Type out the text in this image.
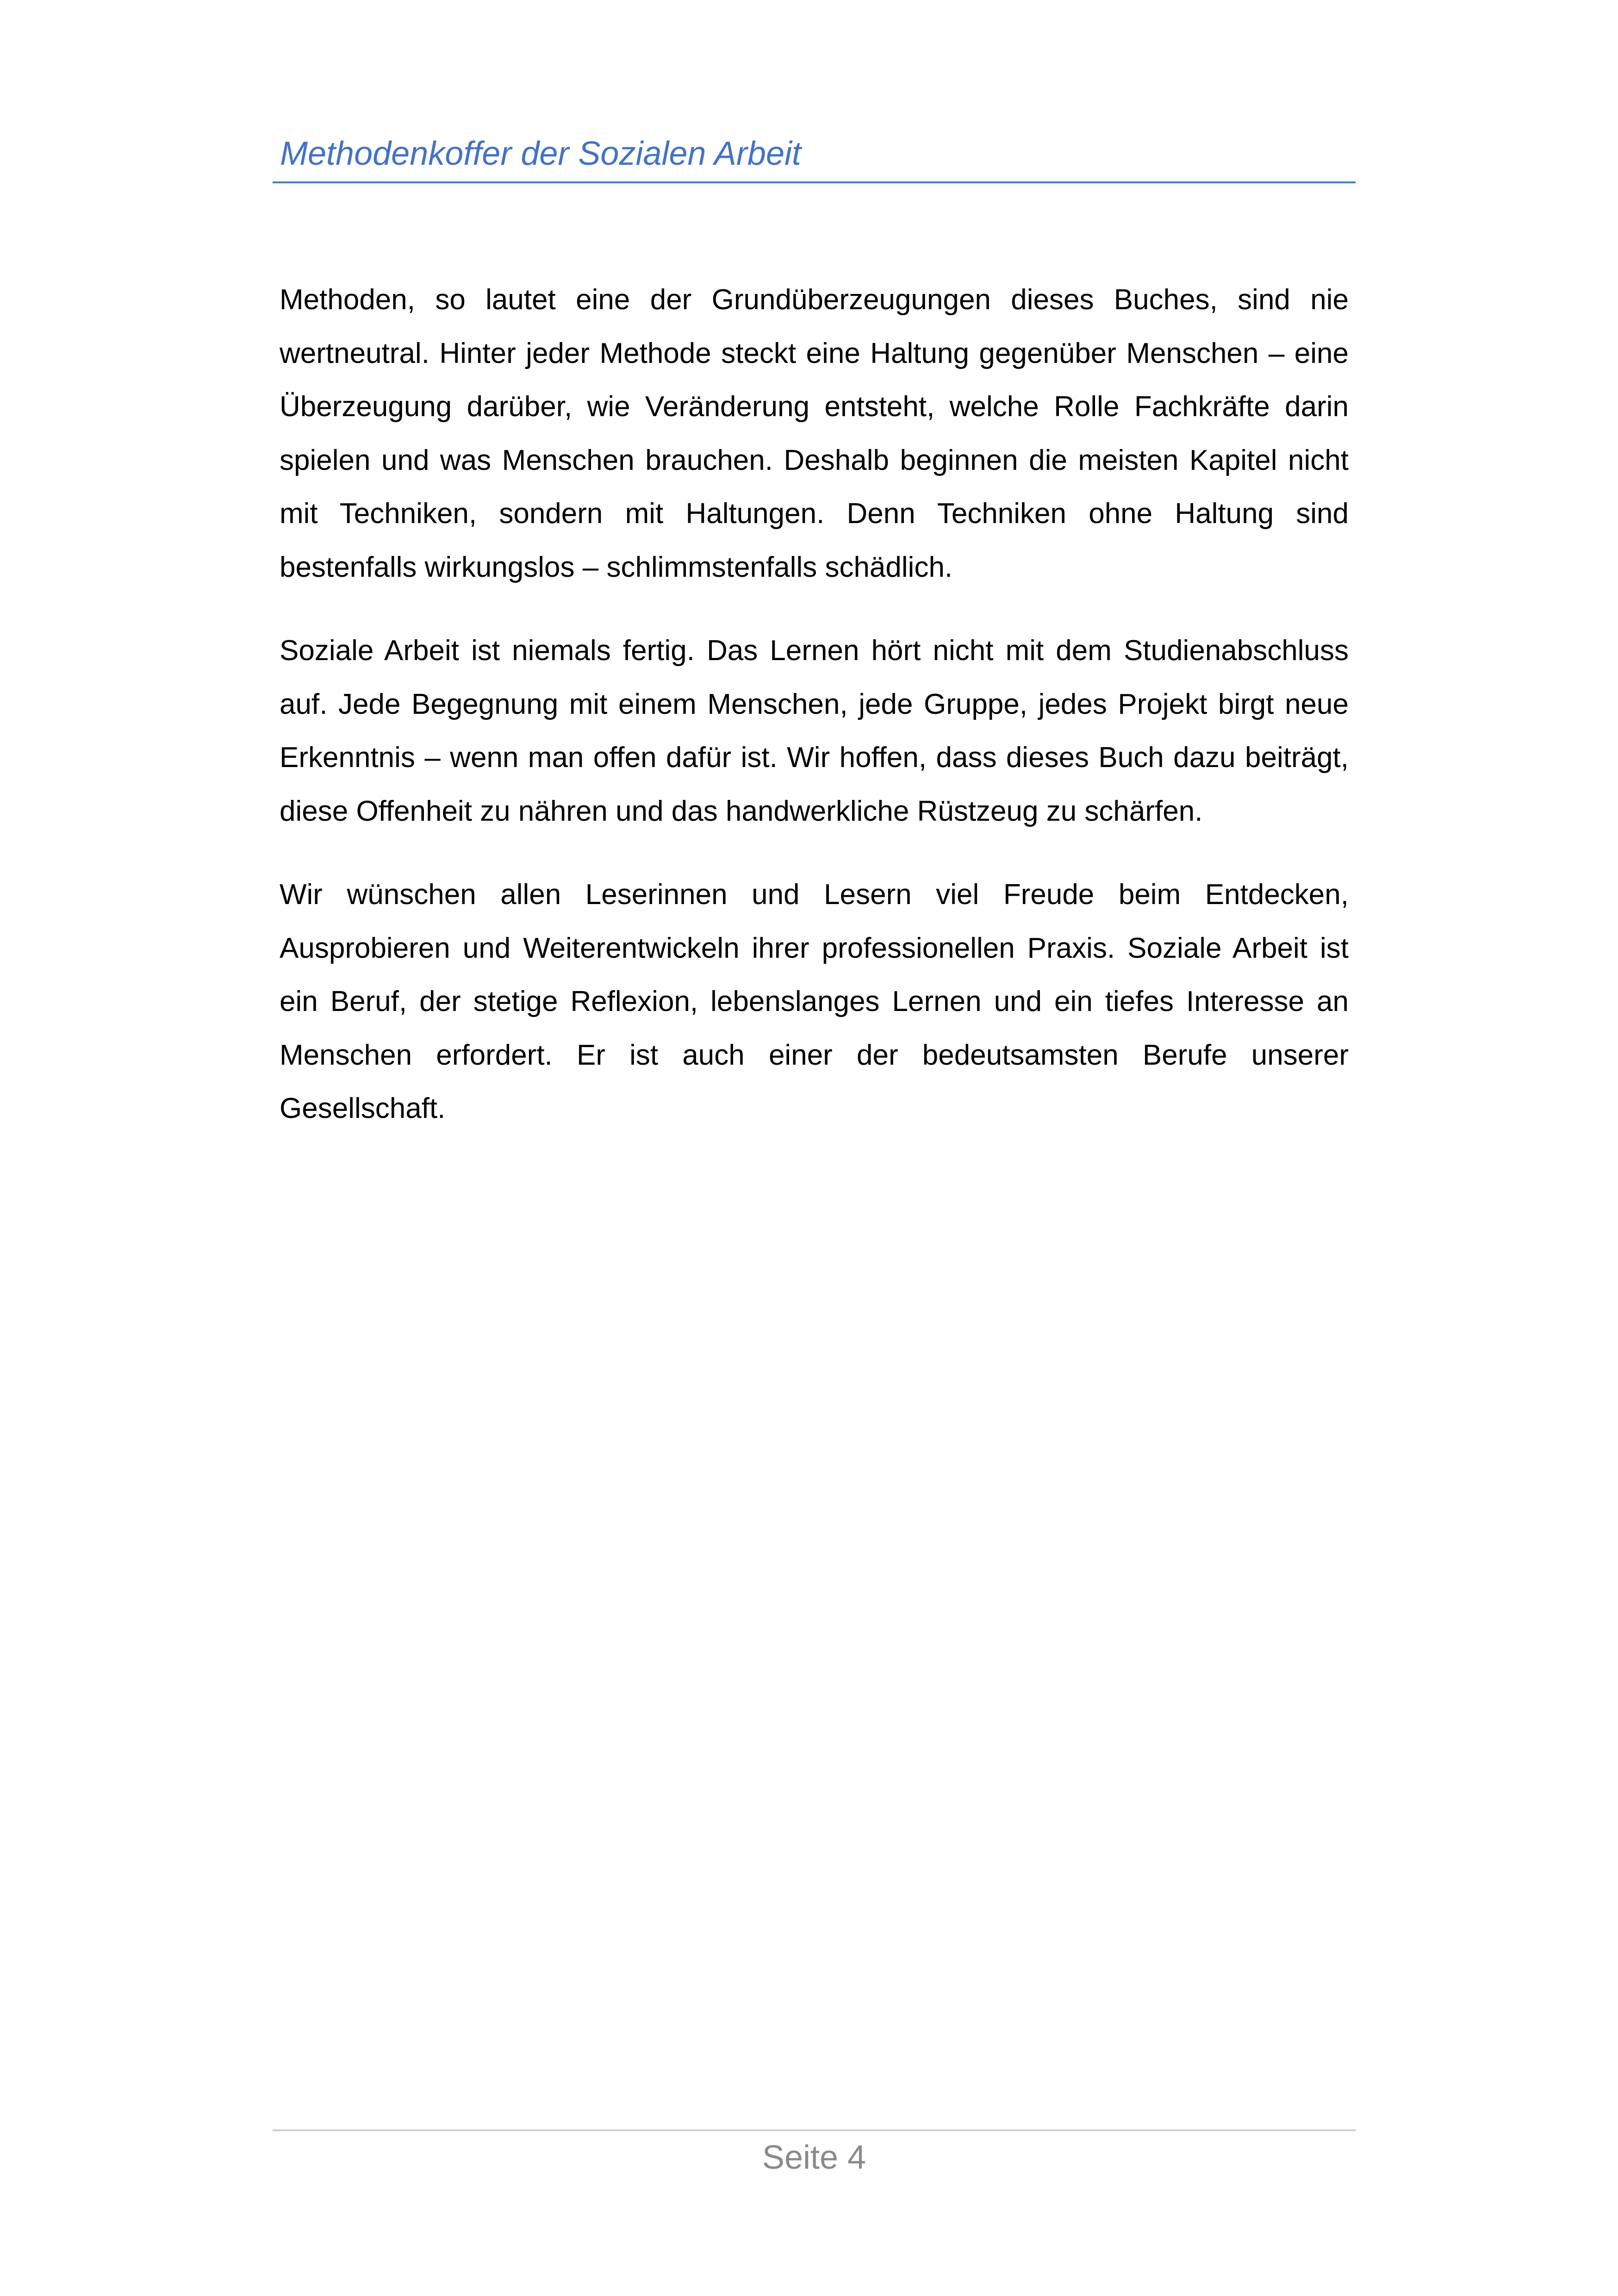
Methodenkoffer der Sozialen Arbeit

Methoden, so lautet eine der Grundüberzeugungen dieses Buches, sind nie wertneutral. Hinter jeder Methode steckt eine Haltung gegenüber Menschen – eine Überzeugung darüber, wie Veränderung entsteht, welche Rolle Fachkräfte darin spielen und was Menschen brauchen. Deshalb beginnen die meisten Kapitel nicht mit Techniken, sondern mit Haltungen. Denn Techniken ohne Haltung sind bestenfalls wirkungslos – schlimmstenfalls schädlich.

Soziale Arbeit ist niemals fertig. Das Lernen hört nicht mit dem Studienabschluss auf. Jede Begegnung mit einem Menschen, jede Gruppe, jedes Projekt birgt neue Erkenntnis – wenn man offen dafür ist. Wir hoffen, dass dieses Buch dazu beiträgt, diese Offenheit zu nähren und das handwerkliche Rüstzeug zu schärfen.

Wir wünschen allen Leserinnen und Lesern viel Freude beim Entdecken, Ausprobieren und Weiterentwickeln ihrer professionellen Praxis. Soziale Arbeit ist ein Beruf, der stetige Reflexion, lebenslanges Lernen und ein tiefes Interesse an Menschen erfordert. Er ist auch einer der bedeutsamsten Berufe unserer Gesellschaft.

Seite 4
